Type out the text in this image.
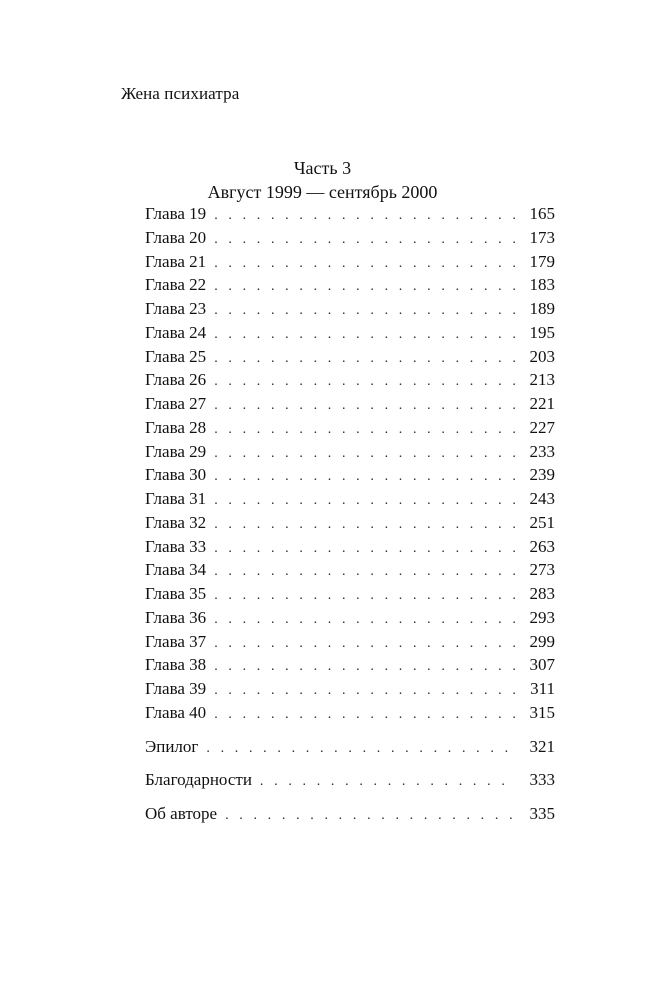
Жена психиатра
Часть 3
Август 1999 — сентябрь 2000
Глава 19 . . .	165
Глава 20 . . .	173
Глава 21 . . .	179
Глава 22 . . .	183
Глава 23 . . .	189
Глава 24 . . .	195
Глава 25 . . .	203
Глава 26 . . .	213
Глава 27 . . .	221
Глава 28 . . .	227
Глава 29 . . .	233
Глава 30 . . .	239
Глава 31 . . .	243
Глава 32 . . .	251
Глава 33 . . .	263
Глава 34 . . .	273
Глава 35 . . .	283
Глава 36 . . .	293
Глава 37 . . .	299
Глава 38 . . .	307
Глава 39 . . .	311
Глава 40 . . .	315
Эпилог . . .	321
Благодарности . . .	333
Об авторе . . .	335
